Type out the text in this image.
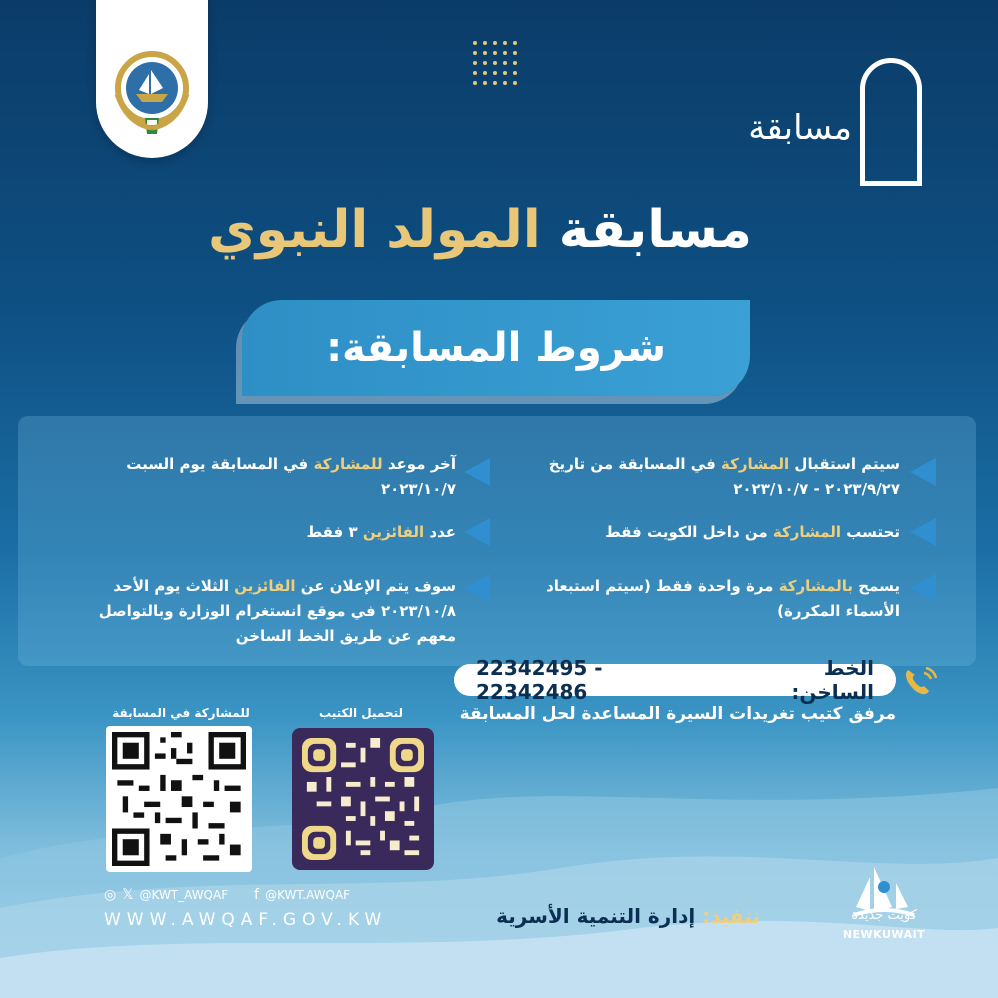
مسابقة
مسابقة المولد النبوي
شروط المسابقة:
سيتم استقبال المشاركة في المسابقة من تاريخ ٢٠٢٣/٩/٢٧ - ٢٠٢٣/١٠/٧
تحتسب المشاركة من داخل الكويت فقط
يسمح بالمشاركة مرة واحدة فقط (سيتم استبعاد الأسماء المكررة)
آخر موعد للمشاركة في المسابقة يوم السبت ٢٠٢٣/١٠/٧
عدد الفائزين ٣ فقط
سوف يتم الإعلان عن الفائزين الثلاث يوم الأحد ٢٠٢٣/١٠/٨ في موقع انستغرام الوزارة وبالتواصل معهم عن طريق الخط الساخن
الخط الساخن:
22342495 - 22342486
مرفق كتيب تغريدات السيرة المساعدة لحل المسابقة
للمشاركة في المسابقة	لتحميل الكتيب
◎ 𝕏 @KWT_AWQAF f @KWT.AWQAF
WWW.AWQAF.GOV.KW	تنفيذ: إدارة التنمية الأسرية	كويت جديدة
NEWKUWAIT
